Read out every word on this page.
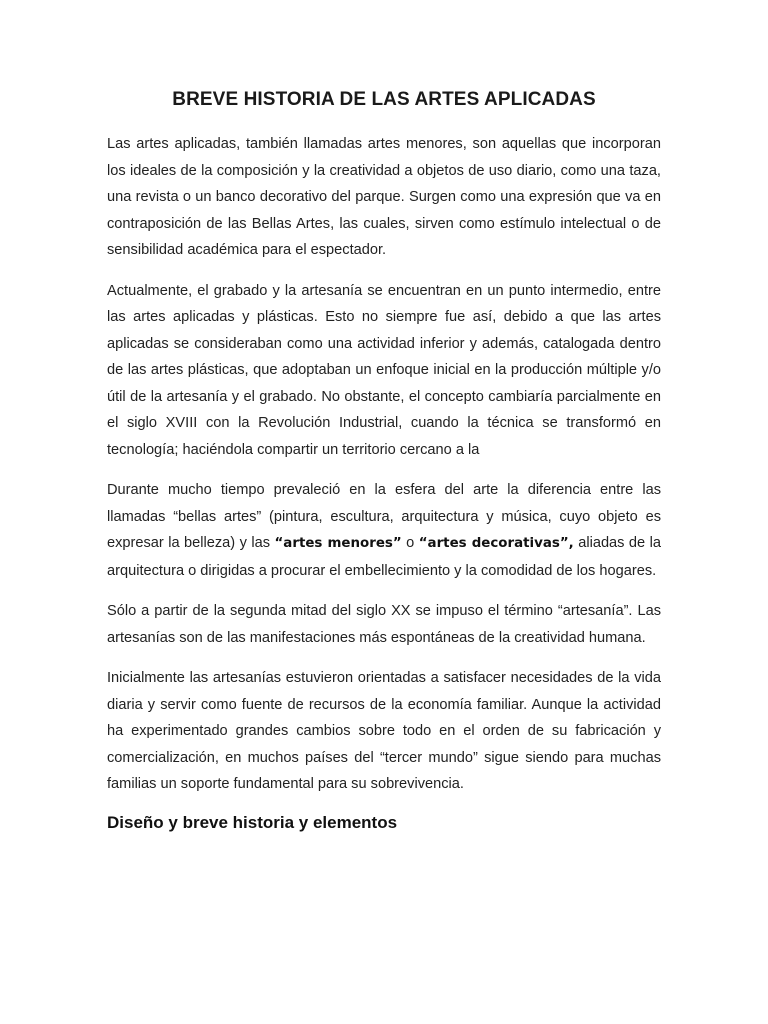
BREVE HISTORIA DE LAS ARTES APLICADAS

Las artes aplicadas, también llamadas artes menores, son aquellas que incorporan los ideales de la composición y la creatividad a objetos de uso diario, como una taza, una revista o un banco decorativo del parque. Surgen como una expresión que va en contraposición de las Bellas Artes, las cuales, sirven como estímulo intelectual o de sensibilidad académica para el espectador.

Actualmente, el grabado y la artesanía se encuentran en un punto intermedio, entre las artes aplicadas y plásticas. Esto no siempre fue así, debido a que las artes aplicadas se consideraban como una actividad inferior y además, catalogada dentro de las artes plásticas, que adoptaban un enfoque inicial en la producción múltiple y/o útil de la artesanía y el grabado. No obstante, el concepto cambiaría parcialmente en el siglo XVIII con la Revolución Industrial, cuando la técnica se transformó en tecnología; haciéndola compartir un territorio cercano a la

Durante mucho tiempo prevaleció en la esfera del arte la diferencia entre las llamadas “bellas artes” (pintura, escultura, arquitectura y música, cuyo objeto es expresar la belleza) y las “artes menores” o “artes decorativas”, aliadas de la arquitectura o dirigidas a procurar el embellecimiento y la comodidad de los hogares.

Sólo a partir de la segunda mitad del siglo XX se impuso el término “artesanía”. Las artesanías son de las manifestaciones más espontáneas de la creatividad humana.

Inicialmente las artesanías estuvieron orientadas a satisfacer necesidades de la vida diaria y servir como fuente de recursos de la economía familiar. Aunque la actividad ha experimentado grandes cambios sobre todo en el orden de su fabricación y comercialización, en muchos países del “tercer mundo” sigue siendo para muchas familias un soporte fundamental para su sobrevivencia.

Diseño y breve historia y elementos
